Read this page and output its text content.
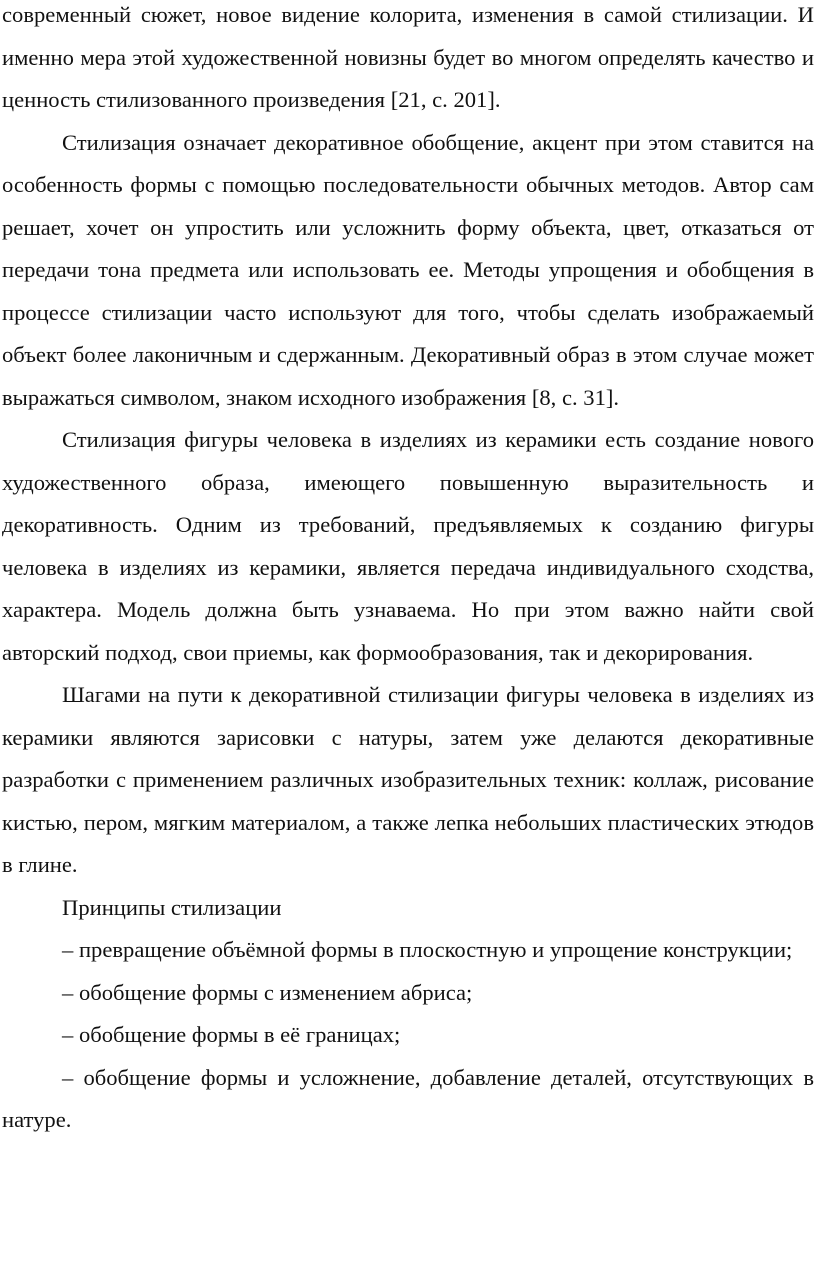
современный сюжет, новое видение колорита, изменения в самой стилизации. И именно мера этой художественной новизны будет во многом определять качество и ценность стилизованного произведения [21, с. 201].

Стилизация означает декоративное обобщение, акцент при этом ставится на особенность формы с помощью последовательности обычных методов. Автор сам решает, хочет он упростить или усложнить форму объекта, цвет, отказаться от передачи тона предмета или использовать ее. Методы упрощения и обобщения в процессе стилизации часто используют для того, чтобы сделать изображаемый объект более лаконичным и сдержанным. Декоративный образ в этом случае может выражаться символом, знаком исходного изображения [8, с. 31].

Стилизация фигуры человека в изделиях из керамики есть создание нового художественного образа, имеющего повышенную выразительность и декоративность. Одним из требований, предъявляемых к созданию фигуры человека в изделиях из керамики, является передача индивидуального сходства, характера. Модель должна быть узнаваема. Но при этом важно найти свой авторский подход, свои приемы, как формообразования, так и декорирования.

Шагами на пути к декоративной стилизации фигуры человека в изделиях из керамики являются зарисовки с натуры, затем уже делаются декоративные разработки с применением различных изобразительных техник: коллаж, рисование кистью, пером, мягким материалом, а также лепка небольших пластических этюдов в глине.

Принципы стилизации

– превращение объёмной формы в плоскостную и упрощение конструкции;

– обобщение формы с изменением абриса;

– обобщение формы в её границах;

– обобщение формы и усложнение, добавление деталей, отсутствующих в натуре.
